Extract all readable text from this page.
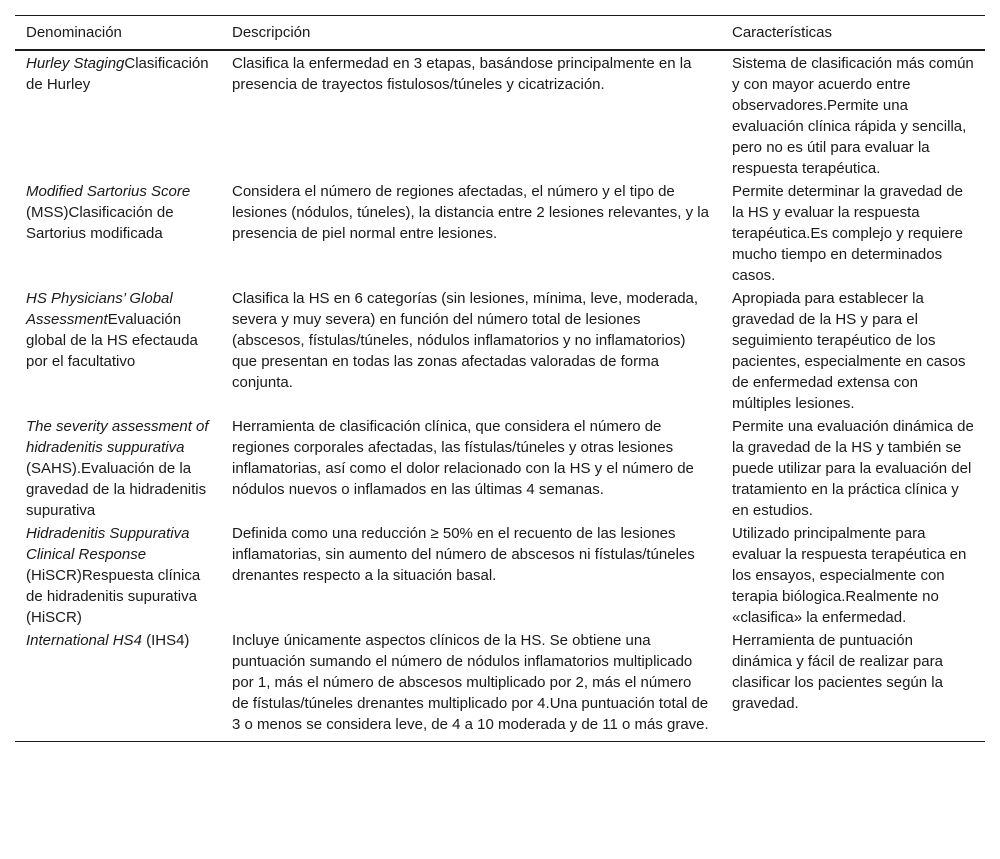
Denominación	Descripción	Características
Hurley StagingClasificación de Hurley	Clasifica la enfermedad en 3 etapas, basándose principalmente en la presencia de trayectos fistulosos/túneles y cicatrización.	Sistema de clasificación más común y con mayor acuerdo entre observadores.Permite una evaluación clínica rápida y sencilla, pero no es útil para evaluar la respuesta terapéutica.
Modified Sartorius Score (MSS)Clasificación de Sartorius modificada	Considera el número de regiones afectadas, el número y el tipo de lesiones (nódulos, túneles), la distancia entre 2 lesiones relevantes, y la presencia de piel normal entre lesiones.	Permite determinar la gravedad de la HS y evaluar la respuesta terapéutica.Es complejo y requiere mucho tiempo en determinados casos.
HS Physicians’ Global AssessmentEvaluación global de la HS efectauda por el facultativo	Clasifica la HS en 6 categorías (sin lesiones, mínima, leve, moderada, severa y muy severa) en función del número total de lesiones (abscesos, fístulas/túneles, nódulos inflamatorios y no inflamatorios) que presentan en todas las zonas afectadas valoradas de forma conjunta.	Apropiada para establecer la gravedad de la HS y para el seguimiento terapéutico de los pacientes, especialmente en casos de enfermedad extensa con múltiples lesiones.
The severity assessment of hidradenitis suppurativa (SAHS).Evaluación de la gravedad de la hidradenitis supurativa	Herramienta de clasificación clínica, que considera el número de regiones corporales afectadas, las fístulas/túneles y otras lesiones inflamatorias, así como el dolor relacionado con la HS y el número de nódulos nuevos o inflamados en las últimas 4 semanas.	Permite una evaluación dinámica de la gravedad de la HS y también se puede utilizar para la evaluación del tratamiento en la práctica clínica y en estudios.
Hidradenitis Suppurativa Clinical Response (HiSCR)Respuesta clínica de hidradenitis supurativa (HiSCR)	Definida como una reducción ≥ 50% en el recuento de las lesiones inflamatorias, sin aumento del número de abscesos ni fístulas/túneles drenantes respecto a la situación basal.	Utilizado principalmente para evaluar la respuesta terapéutica en los ensayos, especialmente con terapia biólogica.Realmente no «clasifica» la enfermedad.
International HS4 (IHS4)	Incluye únicamente aspectos clínicos de la HS. Se obtiene una puntuación sumando el número de nódulos inflamatorios multiplicado por 1, más el número de abscesos multiplicado por 2, más el número de fístulas/túneles drenantes multiplicado por 4.Una puntuación total de 3 o menos se considera leve, de 4 a 10 moderada y de 11 o más grave.	Herramienta de puntuación dinámica y fácil de realizar para clasificar los pacientes según la gravedad.
